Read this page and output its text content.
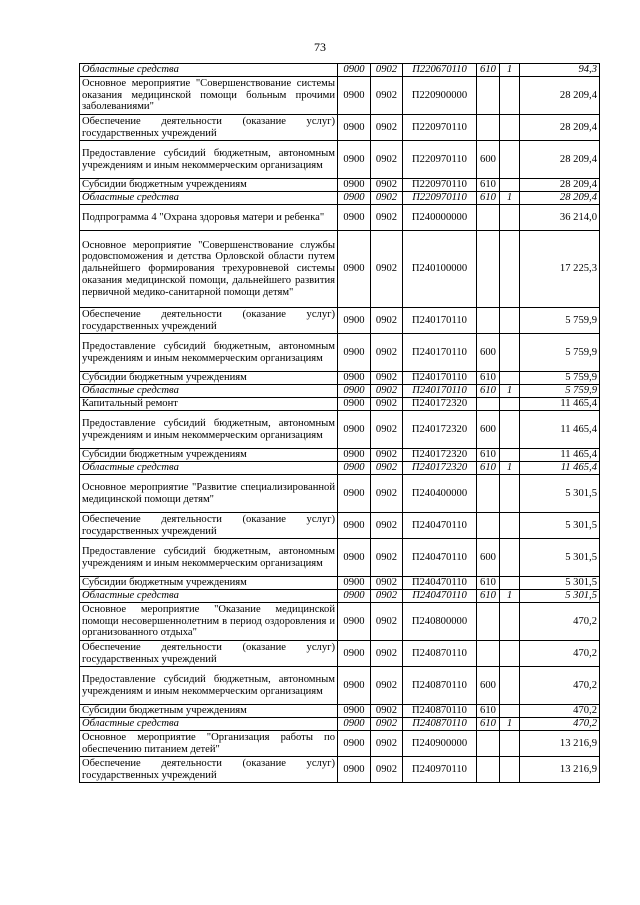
73
Областные средства	0900	0902	П220670110	610	1	94,3
Основное мероприятие "Совершенствование системы оказания медицинской помощи больным прочими заболеваниями"	0900	0902	П220900000			28 209,4
Обеспечение деятельности (оказание услуг) государственных учреждений	0900	0902	П220970110			28 209,4
Предоставление субсидий бюджетным, автономным учреждениям и иным некоммерческим организациям	0900	0902	П220970110	600		28 209,4
Субсидии бюджетным учреждениям	0900	0902	П220970110	610		28 209,4
Областные средства	0900	0902	П220970110	610	1	28 209,4
Подпрограмма 4 "Охрана здоровья матери и ребенка"	0900	0902	П240000000			36 214,0
Основное мероприятие "Совершенствование службы родовспоможения и детства Орловской области путем дальнейшего формирования трехуровневой системы оказания медицинской помощи, дальнейшего развития первичной медико-санитарной помощи детям"	0900	0902	П240100000			17 225,3
Обеспечение деятельности (оказание услуг) государственных учреждений	0900	0902	П240170110			5 759,9
Предоставление субсидий бюджетным, автономным учреждениям и иным некоммерческим организациям	0900	0902	П240170110	600		5 759,9
Субсидии бюджетным учреждениям	0900	0902	П240170110	610		5 759,9
Областные средства	0900	0902	П240170110	610	1	5 759,9
Капитальный ремонт	0900	0902	П240172320			11 465,4
Предоставление субсидий бюджетным, автономным учреждениям и иным некоммерческим организациям	0900	0902	П240172320	600		11 465,4
Субсидии бюджетным учреждениям	0900	0902	П240172320	610		11 465,4
Областные средства	0900	0902	П240172320	610	1	11 465,4
Основное мероприятие "Развитие специализированной медицинской помощи детям"	0900	0902	П240400000			5 301,5
Обеспечение деятельности (оказание услуг) государственных учреждений	0900	0902	П240470110			5 301,5
Предоставление субсидий бюджетным, автономным учреждениям и иным некоммерческим организациям	0900	0902	П240470110	600		5 301,5
Субсидии бюджетным учреждениям	0900	0902	П240470110	610		5 301,5
Областные средства	0900	0902	П240470110	610	1	5 301,5
Основное мероприятие "Оказание медицинской помощи несовершеннолетним в период оздоровления и организованного отдыха"	0900	0902	П240800000			470,2
Обеспечение деятельности (оказание услуг) государственных учреждений	0900	0902	П240870110			470,2
Предоставление субсидий бюджетным, автономным учреждениям и иным некоммерческим организациям	0900	0902	П240870110	600		470,2
Субсидии бюджетным учреждениям	0900	0902	П240870110	610		470,2
Областные средства	0900	0902	П240870110	610	1	470,2
Основное мероприятие "Организация работы по обеспечению питанием детей"	0900	0902	П240900000			13 216,9
Обеспечение деятельности (оказание услуг) государственных учреждений	0900	0902	П240970110			13 216,9
